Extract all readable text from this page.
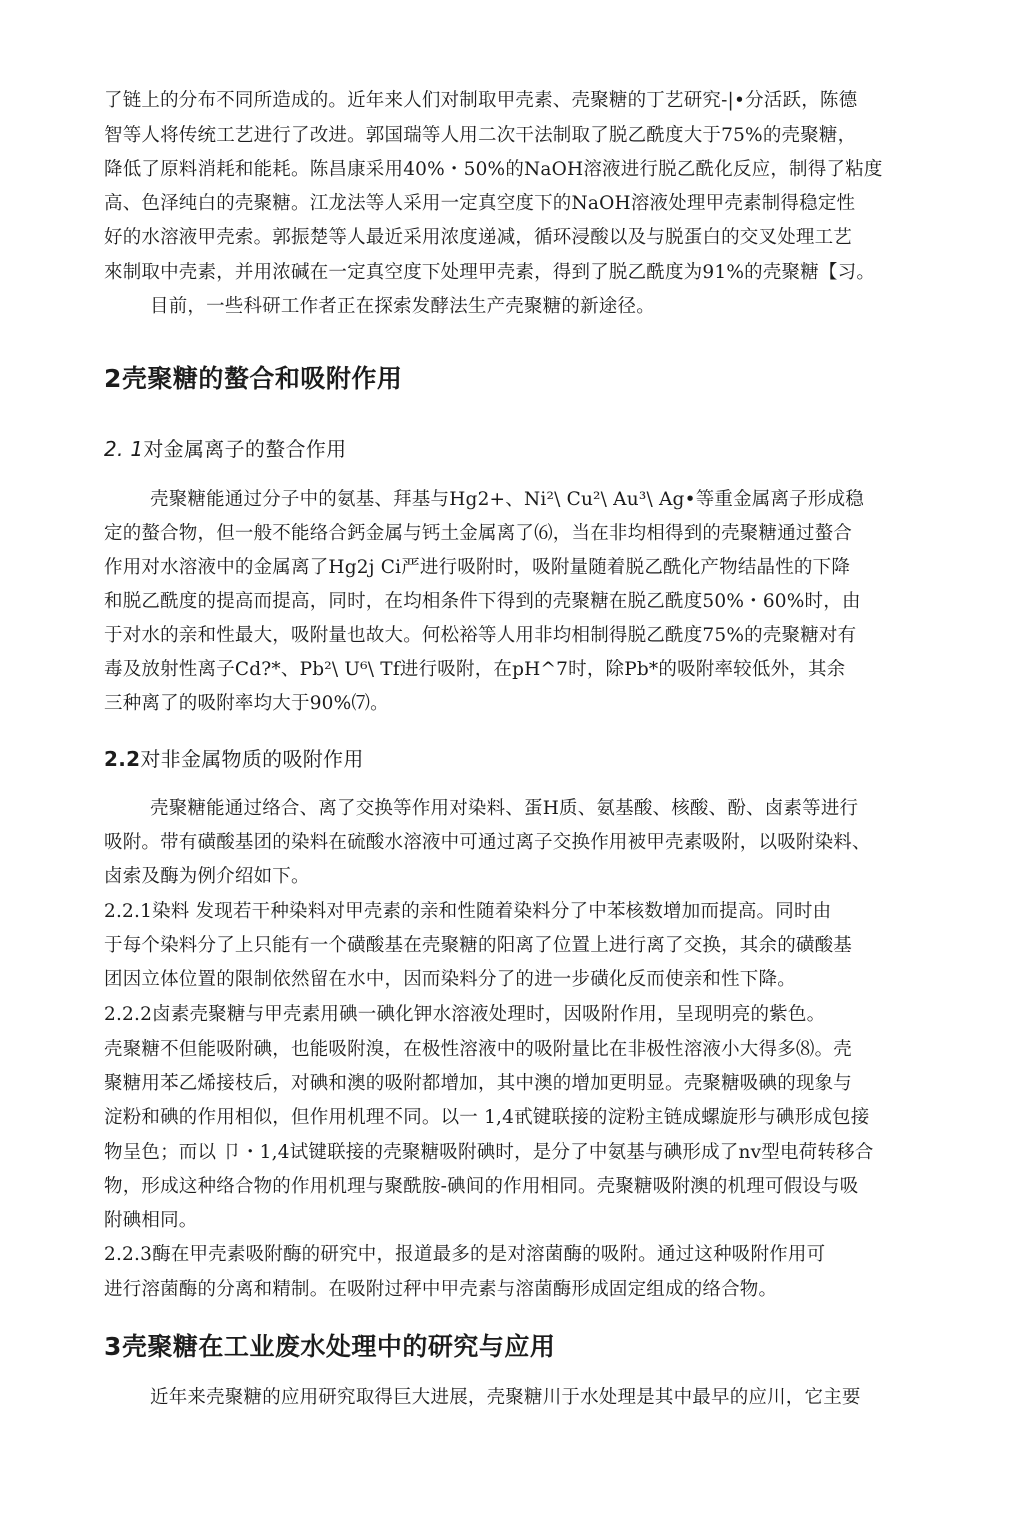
了链上的分布不同所造成的。近年来人们对制取甲壳素、壳聚糖的丁艺研究-|•分活跃，陈德
智等人将传统工艺进行了改进。郭国瑞等人用二次干法制取了脱乙酰度大于75%的壳聚糖，
降低了原料消耗和能耗。陈昌康采用40%・50%的NaOH溶液进行脱乙酰化反应，制得了粘度
高、色泽纯白的壳聚糖。江龙法等人采用一定真空度下的NaOH溶液处理甲壳素制得稳定性
好的水溶液甲壳索。郭振楚等人最近采用浓度递减，循环浸酸以及与脱蛋白的交叉处理工艺
來制取中壳素，并用浓碱在一定真空度下处理甲壳素，得到了脱乙酰度为91%的壳聚糖【习。
目前，一些科研工作者正在探索发酵法生产壳聚糖的新途径。
2壳聚糖的螯合和吸附作用
2. 1对金属离子的螯合作用
壳聚糖能通过分子中的氨基、拜基与Hg2+、Ni²\ Cu²\ Au³\ Ag•等重金属离子形成稳
定的螯合物，但一般不能络合鈣金属与钙土金属离了⑹，当在非均相得到的壳聚糖通过螯合
作用对水溶液中的金属离了Hg2j Ci严进行吸附时，吸附量随着脱乙酰化产物结晶性的下降
和脱乙酰度的提高而提高，同时，在均相条件下得到的壳聚糖在脱乙酰度50%・60%时，由
于对水的亲和性最大，吸附量也故大。何松裕等人用非均相制得脱乙酰度75%的壳聚糖对有
毒及放射性离子Cd?*、Pb²\ U⁶\ Tf进行吸附，在pH^7时，除Pb*的吸附率较低外，其余
三种离了的吸附率均大于90%⑺。
2.2对非金属物质的吸附作用
壳聚糖能通过络合、离了交换等作用对染料、蛋H质、氨基酸、核酸、酚、卤素等进行
吸附。带有磺酸基团的染料在硫酸水溶液中可通过离子交换作用被甲壳素吸附，以吸附染料、
卤索及酶为例介绍如下。
2.2.1染料 发现若干种染料对甲壳素的亲和性随着染料分了中苯核数增加而提高。同时由
于每个染料分了上只能有一个磺酸基在壳聚糖的阳离了位置上进行离了交换，其余的磺酸基
团因立体位置的限制依然留在水中，因而染料分了的进一步磺化反而使亲和性下降。
2.2.2卤素壳聚糖与甲壳素用碘一碘化钾水溶液处理时，因吸附作用，呈现明亮的紫色。
壳聚糖不但能吸附碘，也能吸附溴，在极性溶液中的吸附量比在非极性溶液小大得多⑻。壳
聚糖用苯乙烯接枝后，对碘和澳的吸附都增加，其中澳的增加更明显。壳聚糖吸碘的现象与
淀粉和碘的作用相似，但作用机理不同。以一 1,4甙键联接的淀粉主链成螺旋形与碘形成包接
物呈色；而以 卩・1,4试键联接的壳聚糖吸附碘时，是分了中氨基与碘形成了nv型电荷转移合
物，形成这种络合物的作用机理与聚酰胺-碘间的作用相同。壳聚糖吸附澳的机理可假设与吸
附碘相同。
2.2.3酶在甲壳素吸附酶的研究中，报道最多的是对溶菌酶的吸附。通过这种吸附作用可
进行溶菌酶的分离和精制。在吸附过秤中甲壳素与溶菌酶形成固定组成的络合物。
3壳聚糖在工业废水处理中的研究与应用
近年来壳聚糖的应用研究取得巨大进展，壳聚糖川于水处理是其中最早的应川，它主要
